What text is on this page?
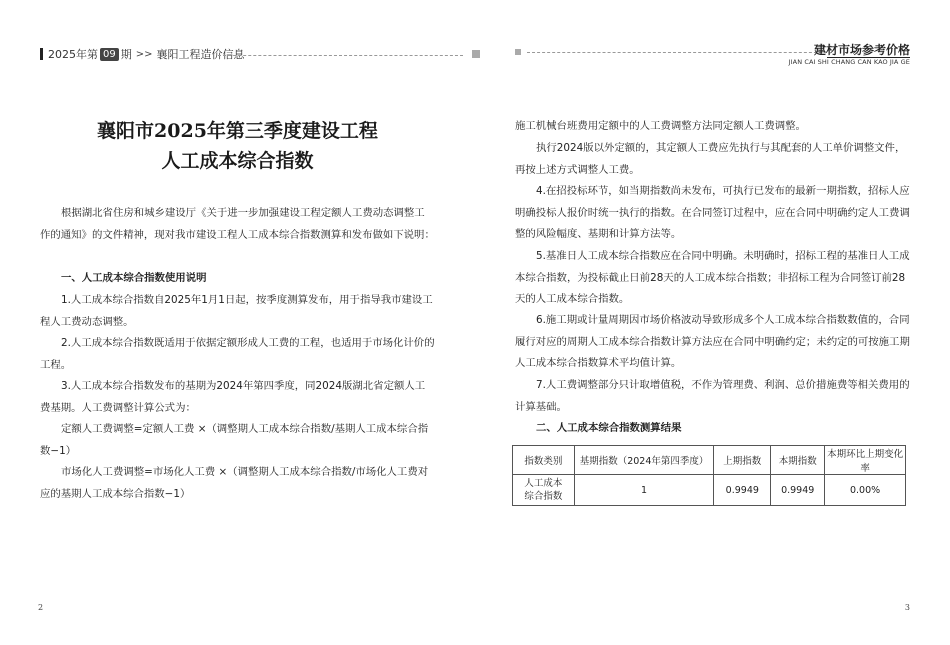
2025年第 09 期 >> 襄阳工程造价信息
襄阳市2025年第三季度建设工程
人工成本综合指数

根据湖北省住房和城乡建设厅《关于进一步加强建设工程定额人工费动态调整工作的通知》的文件精神，现对我市建设工程人工成本综合指数测算和发布做如下说明：

一、人工成本综合指数使用说明

1.人工成本综合指数自2025年1月1日起，按季度测算发布，用于指导我市建设工程人工费动态调整。

2.人工成本综合指数既适用于依据定额形成人工费的工程，也适用于市场化计价的工程。

3.人工成本综合指数发布的基期为2024年第四季度，同2024版湖北省定额人工费基期。人工费调整计算公式为：

定额人工费调整=定额人工费 ×（调整期人工成本综合指数/基期人工成本综合指数−1）

市场化人工费调整=市场化人工费 ×（调整期人工成本综合指数/市场化人工费对应的基期人工成本综合指数−1）

2
建材市场参考价格
JIAN CAI SHI CHANG CAN KAO JIA GE

施工机械台班费用定额中的人工费调整方法同定额人工费调整。

执行2024版以外定额的，其定额人工费应先执行与其配套的人工单价调整文件，再按上述方式调整人工费。

4.在招投标环节，如当期指数尚未发布，可执行已发布的最新一期指数，招标人应明确投标人报价时统一执行的指数。在合同签订过程中，应在合同中明确约定人工费调整的风险幅度、基期和计算方法等。

5.基准日人工成本综合指数应在合同中明确。未明确时，招标工程的基准日人工成本综合指数，为投标截止日前28天的人工成本综合指数；非招标工程为合同签订前28天的人工成本综合指数。

6.施工期或计量周期因市场价格波动导致形成多个人工成本综合指数数值的，合同履行对应的周期人工成本综合指数计算方法应在合同中明确约定；未约定的可按施工期人工成本综合指数算术平均值计算。

7.人工费调整部分只计取增值税，不作为管理费、利润、总价措施费等相关费用的计算基础。

二、人工成本综合指数测算结果

指数类别	基期指数（2024年第四季度）	上期指数	本期指数	本期环比上期变化率
人工成本
综合指数	1	0.9949	0.9949	0.00%
3
